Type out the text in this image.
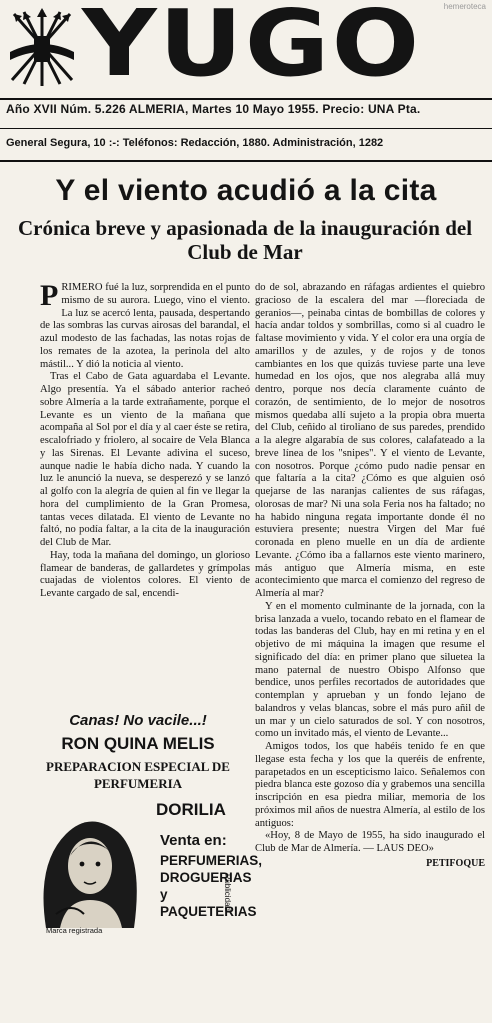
YUGO	hemeroteca
Año XVII Núm. 5.226 ALMERIA, Martes 10 Mayo 1955. Precio: UNA Pta.
General Segura, 10 :-: Teléfonos: Redacción, 1880. Administración, 1282
Y el viento acudió a la cita
Crónica breve y apasionada de la inauguración del Club de Mar

PRIMERO fué la luz, sorprendida en el punto mismo de su aurora. Luego, vino el viento. La luz se acercó lenta, pausada, despertando de las sombras las curvas airosas del barandal, el azul modesto de las fachadas, las notas rojas de los remates de la azotea, la perinola del alto mástil... Y dió la noticia al viento.

Tras el Cabo de Gata aguardaba el Levante. Algo presentía. Ya el sábado anterior racheó sobre Almería a la tarde extrañamente, porque el Levante es un viento de la mañana que acompaña al Sol por el día y al caer éste se retira, escalofriado y friolero, al socaire de Vela Blanca y las Sirenas. El Levante adivina el suceso, aunque nadie le había dicho nada. Y cuando la luz le anunció la nueva, se desperezó y se lanzó al golfo con la alegría de quien al fin ve llegar la hora del cumplimiento de la Gran Promesa, tantas veces dilatada. El viento de Levante no faltó, no podía faltar, a la cita de la inauguración del Club de Mar.

Hay, toda la mañana del domingo, un glorioso flamear de banderas, de gallardetes y grímpolas cuajadas de violentos colores. El viento de Levante cargado de sal, encendi-

do de sol, abrazando en ráfagas ardientes el quiebro gracioso de la escalera del mar —floreciada de geranios—, peinaba cintas de bombillas de colores y hacía andar toldos y sombrillas, como si al cuadro le faltase movimiento y vida. Y el color era una orgía de amarillos y de azules, y de rojos y de tonos cambiantes en los que quizás tuviese parte una leve humedad en los ojos, que nos alegraba allá muy dentro, porque nos decía claramente cuánto de corazón, de sentimiento, de lo mejor de nosotros mismos quedaba allí sujeto a la propia obra muerta del Club, ceñido al tiroliano de sus paredes, prendido a la alegre algarabía de sus colores, calafateado a la breve línea de los "snipes". Y el viento de Levante, con nosotros. Porque ¿cómo pudo nadie pensar en que faltaría a la cita? ¿Cómo es que alguien osó quejarse de las naranjas calientes de sus ráfagas, olorosas de mar? Ni una sola Feria nos ha faltado; no ha habido ninguna regata importante donde él no estuviera presente; nuestra Virgen del Mar fué coronada en pleno muelle en un día de ardiente Levante. ¿Cómo iba a fallarnos este viento marinero, más antiguo que Almería misma, en este acontecimiento que marca el comienzo del regreso de Almería al mar?

Y en el momento culminante de la jornada, con la brisa lanzada a vuelo, tocando rebato en el flamear de todas las banderas del Club, hay en mi retina y en el objetivo de mi máquina la imagen que resume el significado del día: en primer plano que siluetea la mano paternal de nuestro Obispo Alfonso que bendice, unos perfiles recortados de autoridades que contemplan y aprueban y un fondo lejano de balandros y velas blancas, sobre el más puro añil de un mar y un cielo saturados de sol. Y con nosotros, como un invitado más, el viento de Levante...

Amigos todos, los que habéis tenido fe en que llegase esta fecha y los que la queréis de enfrente, parapetados en un escepticismo laico. Señalemos con piedra blanca este gozoso día y grabemos una sencilla inscripción en esa piedra miliar, memoria de los próximos mil años de nuestra Almería, al estilo de los antiguos:

«Hoy, 8 de Mayo de 1955, ha sido inaugurado el Club de Mar de Almería. — LAUS DEO»

PETIFOQUE
Canas! No vacile...!
RON QUINA MELIS
PREPARACION ESPECIAL DE PERFUMERIA
DORILIA
Venta en:
PERFUMERIAS, DROGUERIAS y PAQUETERIAS
Publicidad
Marca registrada
